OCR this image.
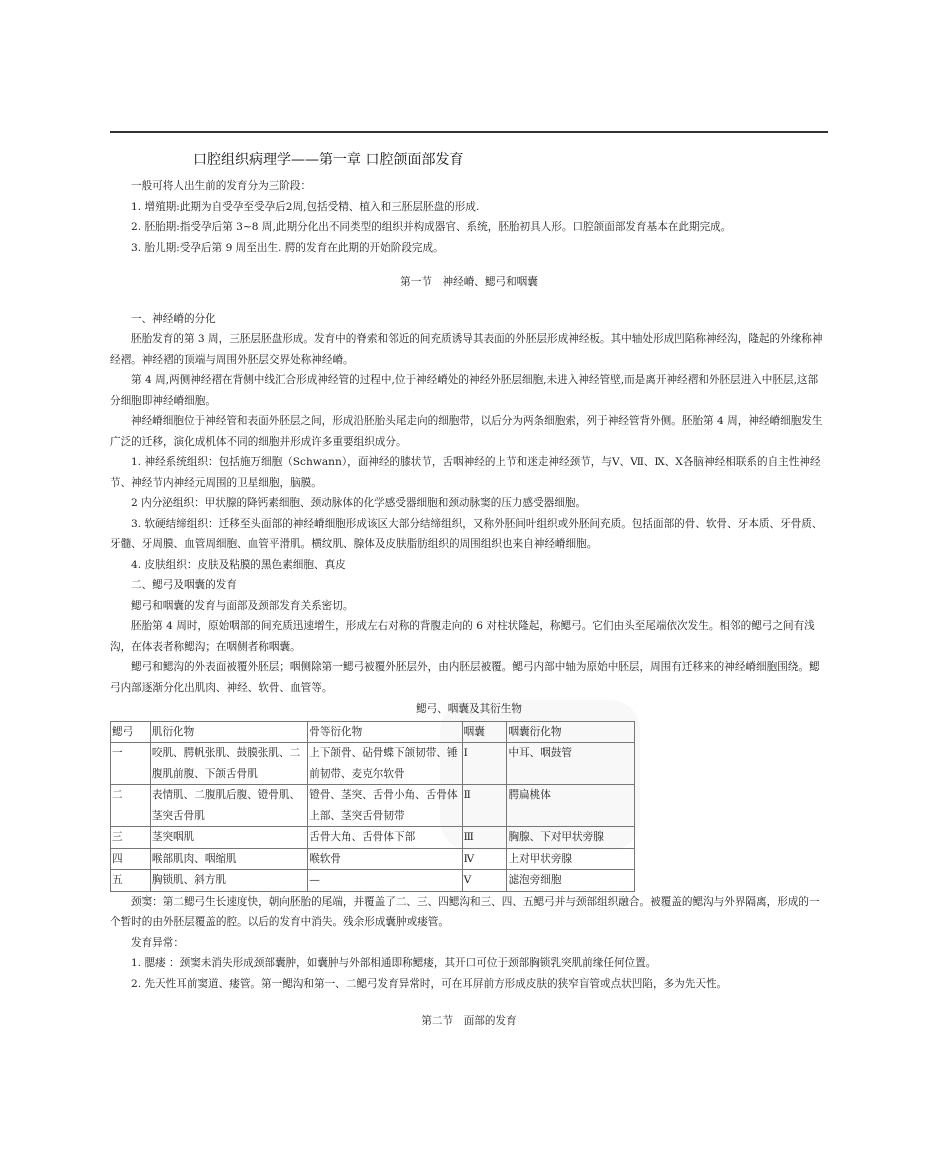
口腔组织病理学——第一章 口腔颌面部发育

一般可将人出生前的发育分为三阶段：

1. 增殖期:此期为自受孕至受孕后2周,包括受精、植入和三胚层胚盘的形成.

2. 胚胎期:指受孕后第 3~8 周,此期分化出不同类型的组织并构成器官、系统，胚胎初具人形。口腔颌面部发育基本在此期完成。

3. 胎儿期:受孕后第 9 周至出生. 腭的发育在此期的开始阶段完成。

第一节　神经嵴、鳃弓和咽囊

一、神经嵴的分化

胚胎发育的第 3 周，三胚层胚盘形成。发育中的脊索和邻近的间充质诱导其表面的外胚层形成神经板。其中轴处形成凹陷称神经沟，隆起的外缘称神经褶。神经褶的顶端与周围外胚层交界处称神经嵴。

第 4 周,两侧神经褶在背侧中线汇合形成神经管的过程中,位于神经嵴处的神经外胚层细胞,未进入神经管壁,而是离开神经褶和外胚层进入中胚层,这部分细胞即神经嵴细胞。

神经嵴细胞位于神经管和表面外胚层之间，形成沿胚胎头尾走向的细胞带，以后分为两条细胞索，列于神经管背外侧。胚胎第 4 周，神经嵴细胞发生广泛的迁移，演化成机体不同的细胞并形成许多重要组织成分。

1. 神经系统组织：包括施万细胞（Schwann），面神经的膝状节，舌咽神经的上节和迷走神经颈节，与Ⅴ、Ⅶ、Ⅸ、Ⅹ各脑神经相联系的自主性神经节、神经节内神经元周围的卫星细胞，脑膜。

2 内分泌组织：甲状腺的降钙素细胞、颈动脉体的化学感受器细胞和颈动脉窦的压力感受器细胞。

3. 软硬结缔组织：迁移至头面部的神经嵴细胞形成该区大部分结缔组织，又称外胚间叶组织或外胚间充质。包括面部的骨、软骨、牙本质、牙骨质、牙髓、牙周膜、血管周细胞、血管平滑肌。横纹肌、腺体及皮肤脂肪组织的周围组织也来自神经嵴细胞。

4. 皮肤组织：皮肤及粘膜的黑色素细胞、真皮

二、鳃弓及咽囊的发育

鳃弓和咽囊的发育与面部及颈部发育关系密切。

胚胎第 4 周时，原始咽部的间充质迅速增生，形成左右对称的背腹走向的 6 对柱状隆起，称鳃弓。它们由头至尾端依次发生。相邻的鳃弓之间有浅沟，在体表者称鳃沟；在咽侧者称咽囊。

鳃弓和鳃沟的外表面被覆外胚层；咽侧除第一鳃弓被覆外胚层外，由内胚层被覆。鳃弓内部中轴为原始中胚层，周围有迁移来的神经嵴细胞围绕。鳃弓内部逐渐分化出肌肉、神经、软骨、血管等。

鳃弓、咽囊及其衍生物

鳃弓	肌衍化物	骨等衍化物	咽囊	咽囊衍化物
一	咬肌、腭帆张肌、鼓膜张肌、二腹肌前腹、下颌舌骨肌	上下颌骨、砧骨蝶下颌韧带、锤前韧带、麦克尔软骨	Ⅰ	中耳、咽鼓管
二	表情肌、二腹肌后腹、镫骨肌、茎突舌骨肌	镫骨、茎突、舌骨小角、舌骨体上部、茎突舌骨韧带	Ⅱ	腭扁桃体
三	茎突咽肌	舌骨大角、舌骨体下部	Ⅲ	胸腺、下对甲状旁腺
四	喉部肌肉、咽缩肌	喉软骨	Ⅳ	上对甲状旁腺
五	胸锁肌、斜方肌	—	Ⅴ	滤泡旁细胞

颈窦：第二鳃弓生长速度快，朝向胚胎的尾端，并覆盖了二、三、四鳃沟和三、四、五鳃弓并与颈部组织融合。被覆盖的鳃沟与外界隔离，形成的一个暂时的由外胚层覆盖的腔。以后的发育中消失。残余形成囊肿或瘘管。

发育异常：

1. 腮瘘 ：颈窦未消失形成颈部囊肿，如囊肿与外部相通即称鳃瘘，其开口可位于颈部胸锁乳突肌前缘任何位置。

2. 先天性耳前窦道、瘘管。第一鳃沟和第一、二鳃弓发育异常时，可在耳屏前方形成皮肤的狭窄盲管或点状凹陷，多为先天性。

第二节　面部的发育
